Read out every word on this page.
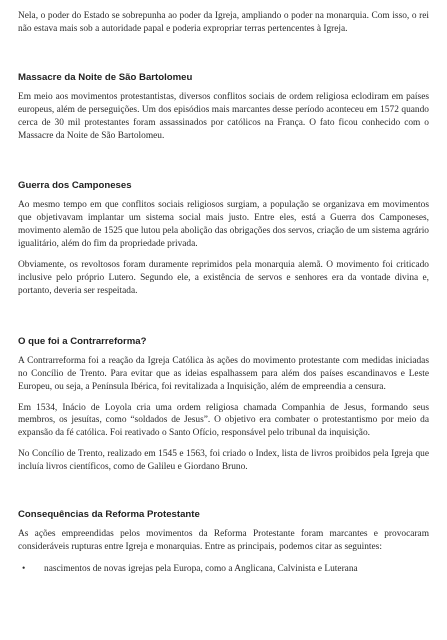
Nela, o poder do Estado se sobrepunha ao poder da Igreja, ampliando o poder na monarquia. Com isso, o rei não estava mais sob a autoridade papal e poderia expropriar terras pertencentes à Igreja.

Massacre da Noite de São Bartolomeu

Em meio aos movimentos protestantistas, diversos conflitos sociais de ordem religiosa eclodiram em países europeus, além de perseguições. Um dos episódios mais marcantes desse período aconteceu em 1572 quando cerca de 30 mil protestantes foram assassinados por católicos na França. O fato ficou conhecido com o Massacre da Noite de São Bartolomeu.

Guerra dos Camponeses

Ao mesmo tempo em que conflitos sociais religiosos surgiam, a população se organizava em movimentos que objetivavam implantar um sistema social mais justo. Entre eles, está a Guerra dos Camponeses, movimento alemão de 1525 que lutou pela abolição das obrigações dos servos, criação de um sistema agrário igualitário, além do fim da propriedade privada.

Obviamente, os revoltosos foram duramente reprimidos pela monarquia alemã. O movimento foi criticado inclusive pelo próprio Lutero. Segundo ele, a existência de servos e senhores era da vontade divina e, portanto, deveria ser respeitada.

O que foi a Contrarreforma?

A Contrarreforma foi a reação da Igreja Católica às ações do movimento protestante com medidas iniciadas no Concílio de Trento. Para evitar que as ideias espalhassem para além dos países escandinavos e Leste Europeu, ou seja, a Península Ibérica, foi revitalizada a Inquisição, além de empreendia a censura.

Em 1534, Inácio de Loyola cria uma ordem religiosa chamada Companhia de Jesus, formando seus membros, os jesuítas, como “soldados de Jesus”. O objetivo era combater o protestantismo por meio da expansão da fé católica. Foi reativado o Santo Ofício, responsável pelo tribunal da inquisição.

No Concílio de Trento, realizado em 1545 e 1563, foi criado o Index, lista de livros proibidos pela Igreja que incluía livros científicos, como de Galileu e Giordano Bruno.

Consequências da Reforma Protestante

As ações empreendidas pelos movimentos da Reforma Protestante foram marcantes e provocaram consideráveis rupturas entre Igreja e monarquias. Entre as principais, podemos citar as seguintes:

• nascimentos de novas igrejas pela Europa, como a Anglicana, Calvinista e Luterana
